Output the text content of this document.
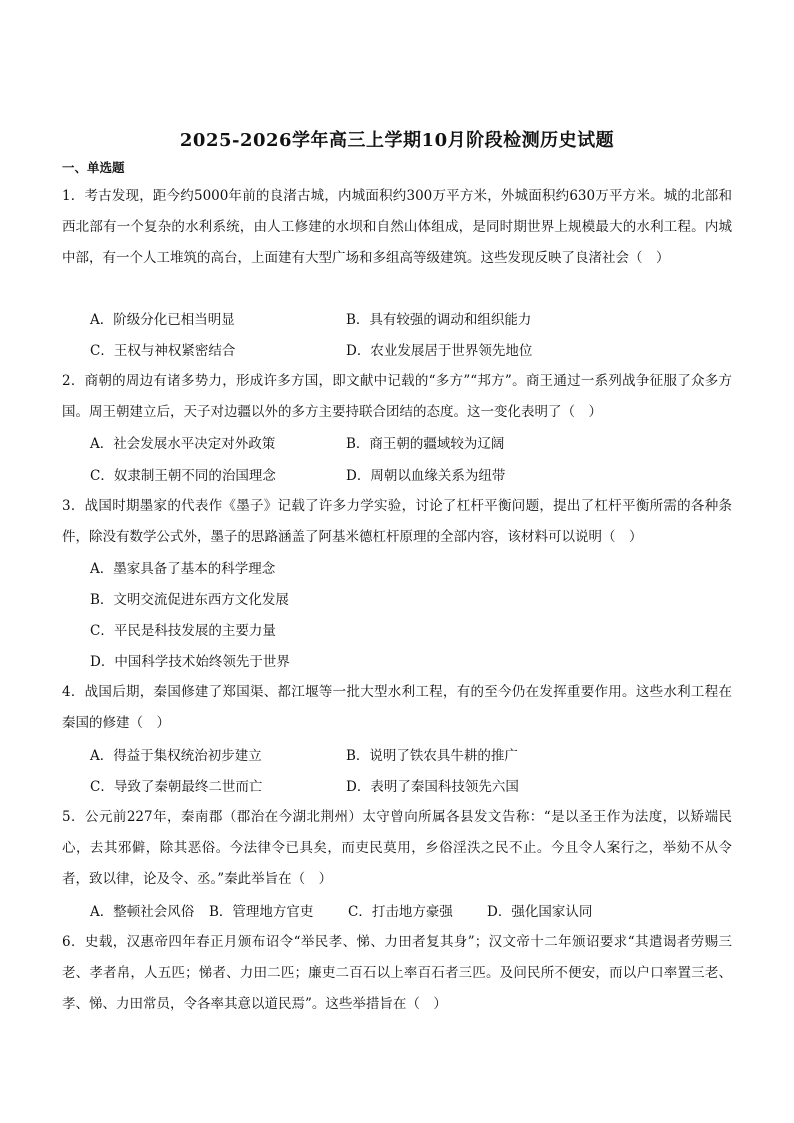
2025-2026学年高三上学期10月阶段检测历史试题
一、单选题
1．考古发现，距今约5000年前的良渚古城，内城面积约300万平方米，外城面积约630万平方米。城的北部和西北部有一个复杂的水利系统，由人工修建的水坝和自然山体组成，是同时期世界上规模最大的水利工程。内城中部，有一个人工堆筑的高台，上面建有大型广场和多组高等级建筑。这些发现反映了良渚社会（　）
A．阶级分化已相当明显	B．具有较强的调动和组织能力
C．王权与神权紧密结合	D．农业发展居于世界领先地位
2．商朝的周边有诸多势力，形成许多方国，即文献中记载的“多方”“邦方”。商王通过一系列战争征服了众多方国。周王朝建立后，天子对边疆以外的多方主要持联合团结的态度。这一变化表明了（　）
A．社会发展水平决定对外政策	B．商王朝的疆域较为辽阔
C．奴隶制王朝不同的治国理念	D．周朝以血缘关系为纽带
3．战国时期墨家的代表作《墨子》记载了许多力学实验，讨论了杠杆平衡问题，提出了杠杆平衡所需的各种条件，除没有数学公式外，墨子的思路涵盖了阿基米德杠杆原理的全部内容，该材料可以说明（　）
A．墨家具备了基本的科学理念
B．文明交流促进东西方文化发展
C．平民是科技发展的主要力量
D．中国科学技术始终领先于世界
4．战国后期，秦国修建了郑国渠、都江堰等一批大型水利工程，有的至今仍在发挥重要作用。这些水利工程在秦国的修建（　）
A．得益于集权统治初步建立	B．说明了铁农具牛耕的推广
C．导致了秦朝最终二世而亡	D．表明了秦国科技领先六国
5．公元前227年，秦南郡（郡治在今湖北荆州）太守曾向所属各县发文告称：“是以圣王作为法度，以矫端民心，去其邪僻，除其恶俗。今法律令已具矣，而吏民莫用，乡俗淫泆之民不止。今且令人案行之，举劾不从令者，致以律，论及令、丞。”秦此举旨在（　）
A．整顿社会风俗 B．管理地方官吏	C．打击地方豪强	D．强化国家认同
6．史载，汉惠帝四年春正月颁布诏令“举民孝、悌、力田者复其身”；汉文帝十二年颁诏要求“其遣谒者劳赐三老、孝者帛，人五匹；悌者、力田二匹；廉吏二百石以上率百石者三匹。及问民所不便安，而以户口率置三老、孝、悌、力田常员，令各率其意以道民焉”。这些举措旨在（　）
